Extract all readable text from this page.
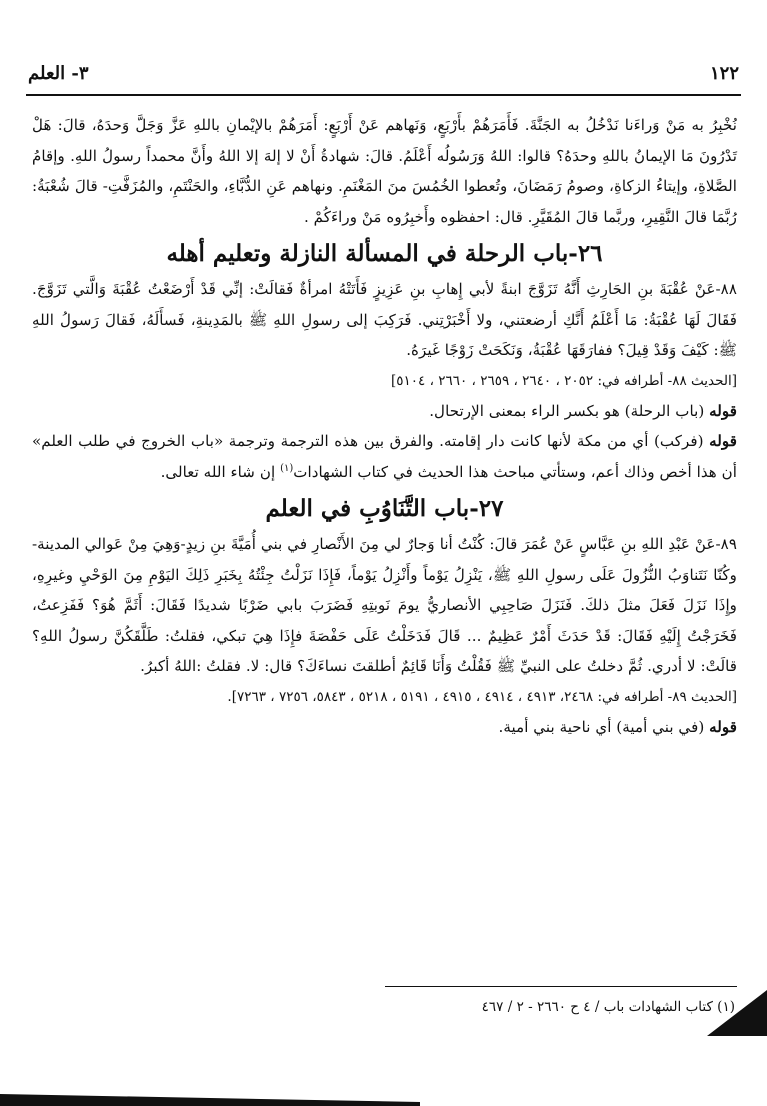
١٢٢
٣- العلم

نُخْبِرُ به مَنْ وَراءَنا نَدْخُلُ به الجَنَّةَ. فَأَمَرَهُمْ بأَرْبَعٍ، وَنَهاهم عَنْ أَرْبَعٍ: أَمَرَهُمْ بالإيْمانِ باللهِ عَزَّ وَجَلَّ وَحدَهُ، قالَ: هَلْ تَدْرُونَ مَا الإيمانُ باللهِ وحدَهُ؟ قالوا: اللهُ وَرَسُولُه أَعْلَمُ. قالَ: شهادةُ أَنْ لا إلهَ إلا اللهُ وأَنَّ محمداً رسولُ اللهِ. وإقامُ الصَّلاةِ، وإيتاءُ الزكاةِ، وصومُ رَمَضَانَ، وتُعطوا الخُمُسَ منَ المَغْنَمِ. ونهاهم عَنِ الدُّبَّاءِ، والحَنْتَمِ، والمُزَفَّتِ- قالَ شُعْبَةُ: رُبَّمَا قالَ النَّقِيرِ، وربَّما قالَ المُقَيَّرِ. قال: احفظوه وأَخبِرُوه مَنْ وراءَكُمْ .

٢٦-باب الرحلة في المسألة النازلة وتعليم أهله

٨٨-عَنْ عُقْبَةَ بنِ الحَارِثِ أَنَّهُ تَزَوَّجَ ابنةً لأبي إِهابِ بنِ عَزِيزٍ فَأَتَتْهُ امرأةٌ فَقالَتْ: إنِّي قَدْ أَرْضَعْتُ عُقْبَةَ وَالَّتي تَزَوَّجَ. فَقَالَ لَهَا عُقْبَةُ: مَا أَعْلَمُ أَنَّكِ أرضعتني، ولا أَخْبَرْتِني. فَرَكِبَ إلى رسولِ اللهِ ﷺ بالمَدِينةِ، فَسأَلَهُ، فَقالَ رَسولُ اللهِ ﷺ: كَيْفَ وَقَدْ قِيلَ؟ ففارَقَهَا عُقْبَةُ، وَنَكَحَتْ زَوْجًا غَيرَهُ.

[الحديث ٨٨- أطرافه في: ٢٠٥٢ ، ٢٦٤٠ ، ٢٦٥٩ ، ٢٦٦٠ ، ٥١٠٤]

قوله (باب الرحلة) هو بكسر الراء بمعنى الإرتحال.

قوله (فركب) أي من مكة لأنها كانت دار إقامته. والفرق بين هذه الترجمة وترجمة «باب الخروج في طلب العلم» أن هذا أخص وذاك أعم، وستأتي مباحث هذا الحديث في كتاب الشهادات$^{(١)}$ إن شاء الله تعالى.

٢٧-باب التَّنَاوُبِ في العلم

٨٩-عَنْ عَبْدِ اللهِ بنِ عَبَّاسٍ عَنْ عُمَرَ قالَ: كُنْتُ أنا وَجارٌ لي مِنَ الأَنْصارِ في بني أُمَيَّةَ بنِ زيدٍ-وَهِيَ مِنْ عَوالي المدينة- وكُنّا نَتَناوَبُ النُّزُولَ عَلَى رسولِ اللهِ ﷺ، يَنْزِلُ يَوْماً وأَنْزِلُ يَوْماً، فَإِذَا نَزَلْتُ جِئْتُهُ بِخَبَرِ ذَلِكَ اليَوْمِ مِنَ الوَحْيِ وغيرِهِ، وإِذَا نَزَلَ فَعَلَ مثلَ ذلكَ. فَنَزَلَ صَاحِبِي الأنصاريُّ يومَ نَوبتِهِ فَضَرَبَ بابي ضَرْبًا شديدًا فَقَالَ: أَثَمَّ هُوَ؟ فَفَزِعتُ، فَخَرَجْتُ إِلَيْهِ فَقَالَ: قَدْ حَدَثَ أَمْرٌ عَظِيمٌ ... قَالَ فَدَخَلْتُ عَلَى حَفْصَةَ فإِذَا هِيَ تبكي، فقلتُ: طَلَّقَكُنَّ رسولُ اللهِ؟ قالَتْ: لا أدري. ثُمَّ دخلتُ على النبيِّ ﷺ فَقُلْتُ وَأَنَا قَائِمٌ أطلقتَ نساءَكَ؟ قال: لا. فقلتُ :اللهُ أكبرُ.

[الحديث ٨٩- أطرافه في: ٢٤٦٨، ٤٩١٣ ، ٤٩١٤ ، ٤٩١٥ ، ٥١٩١ ، ٥٢١٨ ، ٥٨٤٣، ٧٢٥٦ ، ٧٢٦٣].

قوله (في بني أمية) أي ناحية بني أمية.

(١) كتاب الشهادات باب / ٤ ح ٢٦٦٠ - ٢ / ٤٦٧
